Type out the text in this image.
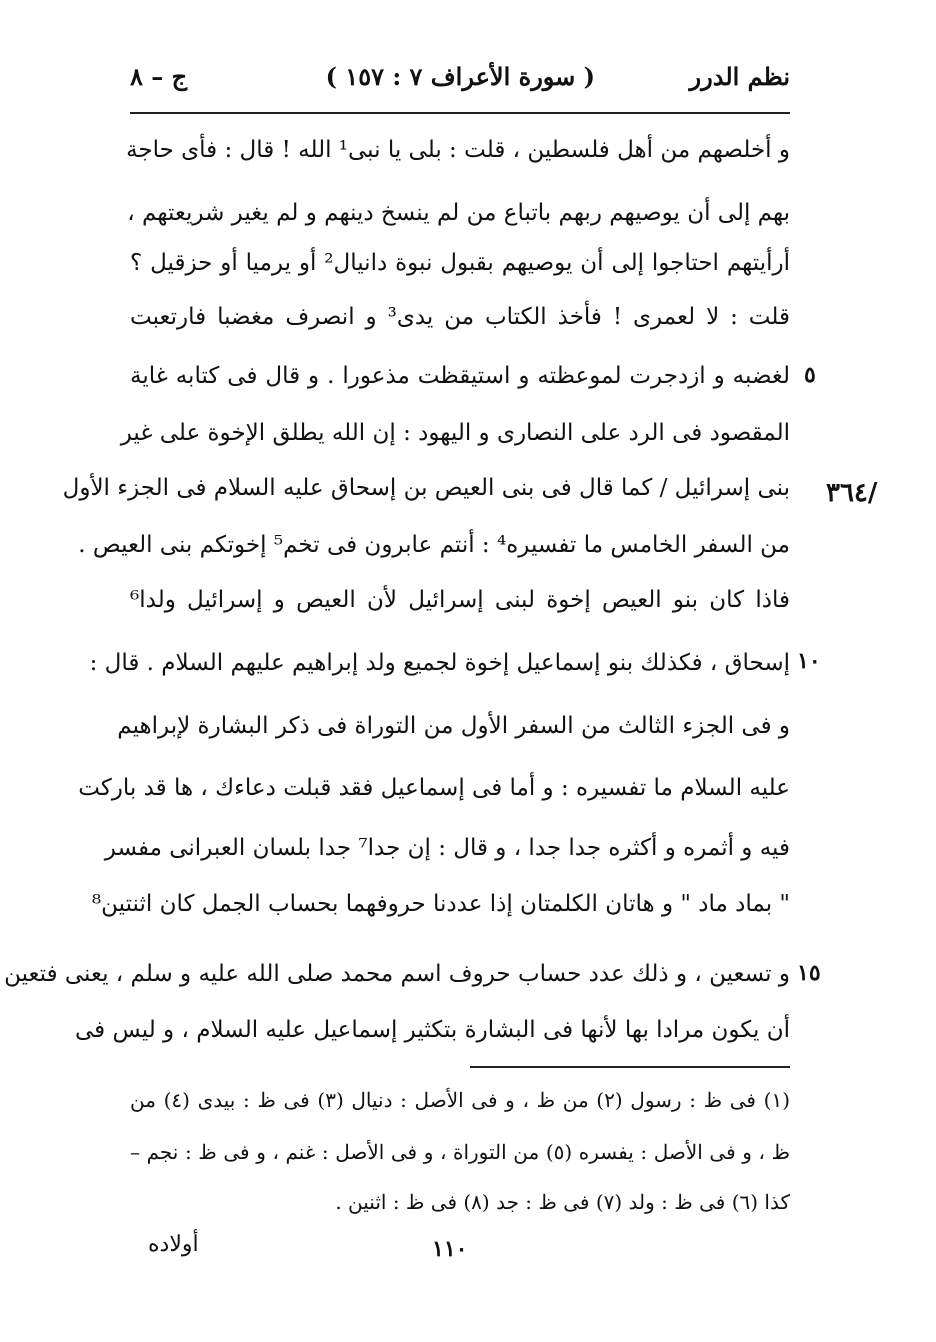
نظم الدرر
( سورة الأعراف ٧ : ١٥٧ )
ج – ٨
/٣٦٤
و أخلصهم من أهل فلسطين ، قلت : بلى يا نبى¹ الله ! قال : فأى حاجة
بهم إلى أن يوصيهم ربهم باتباع من لم ينسخ دينهم و لم يغير شريعتهم ،
أرأيتهم احتاجوا إلى أن يوصيهم بقبول نبوة دانيال² أو يرميا أو حزقيل ؟
قلت : لا لعمرى ! فأخذ الكتاب من يدى³ و انصرف مغضبا فارتعبت
لغضبه و ازدجرت لموعظته و استيقظت مذعورا . و قال فى كتابه غاية
المقصود فى الرد على النصارى و اليهود : إن الله يطلق الإخوة على غير
بنى إسرائيل / كما قال فى بنى العيص بن إسحاق عليه السلام فى الجزء الأول
من السفر الخامس ما تفسيره⁴ : أنتم عابرون فى تخم⁵ إخوتكم بنى العيص .
فاذا كان بنو العيص إخوة لبنى إسرائيل لأن العيص و إسرائيل ولدا⁶
إسحاق ، فكذلك بنو إسماعيل إخوة لجميع ولد إبراهيم عليهم السلام . قال :
و فى الجزء الثالث من السفر الأول من التوراة فى ذكر البشارة لإبراهيم
عليه السلام ما تفسيره : و أما فى إسماعيل فقد قبلت دعاءك ، ها قد باركت
فيه و أثمره و أكثره جدا جدا ، و قال : إن جدا⁷ جدا بلسان العبرانى مفسر
" بماد ماد " و هاتان الكلمتان إذا عددنا حروفهما بحساب الجمل كان اثنتين⁸
و تسعين ، و ذلك عدد حساب حروف اسم محمد صلى الله عليه و سلم ، يعنى فتعين
أن يكون مرادا بها لأنها فى البشارة بتكثير إسماعيل عليه السلام ، و ليس فى
٥
١٠
١٥
(١) فى ظ : رسول (٢) من ظ ، و فى الأصل : دنيال (٣) فى ظ : بيدى (٤) من
ظ ، و فى الأصل : يفسره (٥) من التوراة ، و فى الأصل : غنم ، و فى ظ : نجم –
كذا (٦) فى ظ : ولد (٧) فى ظ : جد (٨) فى ظ : اثنين .
أولاده	١١٠
